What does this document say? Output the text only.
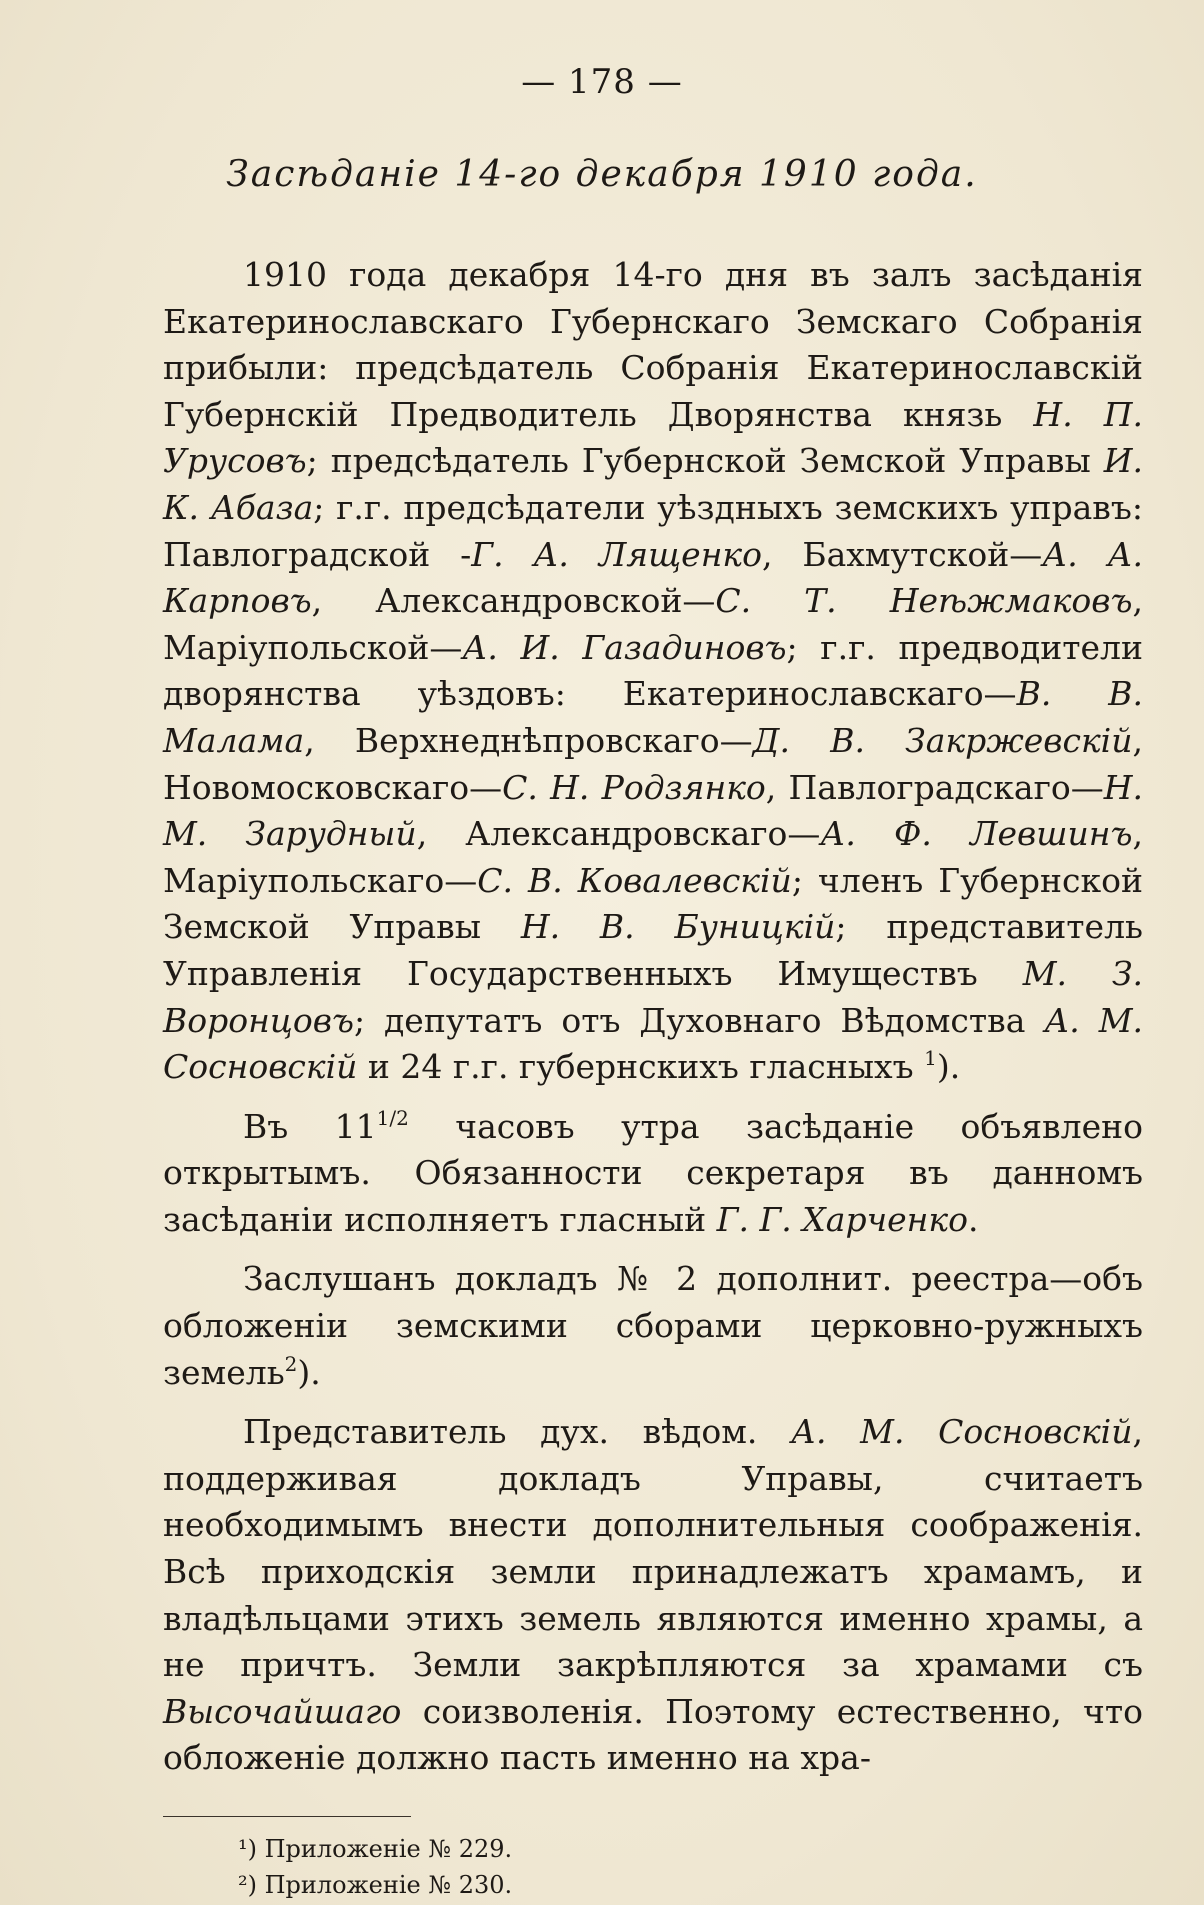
— 178 —
Засѣданіе 14-го декабря 1910 года.

1910 года декабря 14-го дня въ залъ засѣданія Екатеринославскаго Губернскаго Земскаго Собранія прибыли: предсѣдатель Собранія Екатеринославскій Губернскій Предводитель Дворянства князь Н. П. Урусовъ; предсѣдатель Губернской Земской Управы И. К. Абаза; г.г. предсѣдатели уѣздныхъ земскихъ управъ: Павлоградской -Г. А. Лященко, Бахмутской—А. А. Карповъ, Александровской—С. Т. Неѣжмаковъ, Маріупольской—А. И. Газадиновъ; г.г. предводители дворянства уѣздовъ: Екатеринославскаго—В. В. Малама, Верхнеднѣпровскаго—Д. В. Закржевскій, Новомосковскаго—С. Н. Родзянко, Павлоградскаго—Н. М. Зарудный, Александровскаго—А. Ф. Левшинъ, Маріупольскаго—С. В. Ковалевскій; членъ Губернской Земской Управы Н. В. Буницкій; представитель Управленія Государственныхъ Имуществъ М. З. Воронцовъ; депутатъ отъ Духовнаго Вѣдомства А. М. Сосновскій и 24 г.г. губернскихъ гласныхъ $^1$).

Въ $11^{1/2}$ часовъ утра засѣданіе объявлено открытымъ. Обязанности секретаря въ данномъ засѣданіи исполняетъ гласный Г. Г. Харченко.

Заслушанъ докладъ № 2 дополнит. реестра—объ обложеніи земскими сборами церковно-ружныхъ земель$^2$).

Представитель дух. вѣдом. А. М. Сосновскій, поддерживая докладъ Управы, считаетъ необходимымъ внести дополнительныя соображенія. Всѣ приходскія земли принадлежатъ храмамъ, и владѣльцами этихъ земель являются именно храмы, а не причтъ. Земли закрѣпляются за храмами съ Высочайшаго соизволенія. Поэтому естественно, что обложеніе должно пасть именно на хра-

¹) Приложеніе № 229.
²) Приложеніе № 230.
